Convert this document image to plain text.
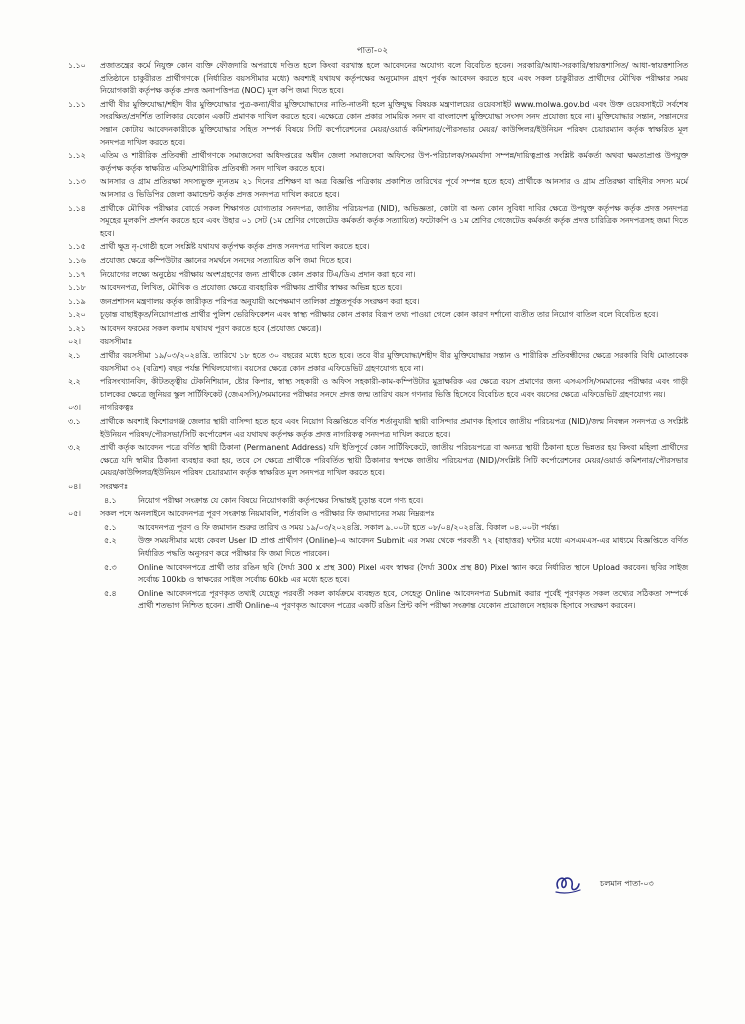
পাতা-০২
১.১০ প্রজাতন্ত্রের কর্মে নিযুক্ত কোন ব্যক্তি ফৌজদারি অপরাধে দণ্ডিত হলে কিংবা বরখাস্ত হলে আবেদনের অযোগ্য বলে বিবেচিত হবেন। সরকারি/আধা-সরকারি/স্বায়ত্তশাসিত/ আধা-স্বায়ত্তশাসিত প্রতিষ্ঠানে চাকুরীরত প্রার্থীগণকে (নির্ধারিত বয়সসীমার মধ্যে) অবশ্যই যথাযথ কর্তৃপক্ষের অনুমোদন গ্রহণ পূর্বক আবেদন করতে হবে এবং সকল চাকুরীরত প্রার্থীদের মৌখিক পরীক্ষার সময় নিয়োগকারী কর্তৃপক্ষ কর্তৃক প্রদত্ত অনাপত্তিপত্র (NOC) মূল কপি জমা দিতে হবে।
১.১১ প্রার্থী বীর মুক্তিযোদ্ধা/শহীদ বীর মুক্তিযোদ্ধার পুত্র-কন্যা/বীর মুক্তিযোদ্ধাদের নাতি-নাতনী হলে মুক্তিযুদ্ধ বিষয়ক মন্ত্রণালয়ের ওয়েবসাইট www.molwa.gov.bd এবং উক্ত ওয়েবসাইটে সর্বশেষ সংরক্ষিত/প্রদর্শিত তালিকার যেকোন একটি প্রমাণক দাখিল করতে হবে। এক্ষেত্রে কোন প্রকার সাময়িক সনদ বা বাংলাদেশ মুক্তিযোদ্ধা সংসদ সনদ প্রযোজ্য হবে না। মুক্তিযোদ্ধার সন্তান, সন্তানদের সন্তান কোটায় আবেদনকারীকে মুক্তিযোদ্ধার সহিত সম্পর্ক বিষয়ে সিটি কর্পোরেশনের মেয়র/ওয়ার্ড কমিশনার/পৌরসভার মেয়র/ কাউন্সিলর/ইউনিয়ন পরিষদ চেয়ারম্যান কর্তৃক স্বাক্ষরিত মূল সনদপত্র দাখিল করতে হবে।
১.১২ এতিম ও শারীরিক প্রতিবন্ধী প্রার্থীগণকে সমাজসেবা অধিদপ্তরের অধীন জেলা সমাজসেবা অফিসের উপ-পরিচালক/সমমর্যাদা সম্পন্ন/দায়িত্বপ্রাপ্ত সংশ্লিষ্ট কর্মকর্তা অথবা ক্ষমতাপ্রাপ্ত উপযুক্ত কর্তৃপক্ষ কর্তৃক স্বাক্ষরিত এতিম/শারীরিক প্রতিবন্ধী সনদ দাখিল করতে হবে।
১.১৩ আনসার ও গ্রাম প্রতিরক্ষা সদস্যভুক্ত ন্যূনতম ২১ দিনের প্রশিক্ষণ যা অত্র বিজ্ঞপ্তি পত্রিকায় প্রকাশিত তারিখের পূর্বে সম্পন্ন হতে হবে) প্রার্থীকে আনসার ও গ্রাম প্রতিরক্ষা বাহিনীর সদস্য মর্মে আনসার ও ভিডিপির জেলা কমান্ডেন্ট কর্তৃক প্রদত্ত সনদপত্র দাখিল করতে হবে।
১.১৪ প্রার্থীকে মৌখিক পরীক্ষার বোর্ডে সকল শিক্ষাগত যোগ্যতার সনদপত্র, জাতীয় পরিচয়পত্র (NID), অভিজ্ঞতা, কোটা বা অন্য কোন সুবিধা দাবির ক্ষেত্রে উপযুক্ত কর্তৃপক্ষ কর্তৃক প্রদত্ত সনদপত্র সমূহের মূলকপি প্রদর্শন করতে হবে এবং উহার ০১ সেট (১ম শ্রেণির গেজেটেড কর্মকর্তা কর্তৃক সত্যায়িত) ফটোকপি ও ১ম শ্রেণির গেজেটেড কর্মকর্তা কর্তৃক প্রদত্ত চারিত্রিক সনদপত্রসহ জমা দিতে হবে।
১.১৫ প্রার্থী ক্ষুদ্র নৃ-গোষ্ঠী হলে সংশ্লিষ্ট যথাযথ কর্তৃপক্ষ কর্তৃক প্রদত্ত সনদপত্র দাখিল করতে হবে।
১.১৬ প্রযোজ্য ক্ষেত্রে কম্পিউটার জ্ঞানের সমর্থনে সনদের সত্যায়িত কপি জমা দিতে হবে।
১.১৭ নিয়োগের লক্ষ্যে অনুষ্ঠেয় পরীক্ষায় অংশগ্রহণের জন্য প্রার্থীকে কোন প্রকার টিএ/ডিএ প্রদান করা হবে না।
১.১৮ আবেদনপত্র, লিখিত, মৌখিক ও প্রযোজ্য ক্ষেত্রে ব্যবহারিক পরীক্ষায় প্রার্থীর স্বাক্ষর অভিন্ন হতে হবে।
১.১৯ জনপ্রশাসন মন্ত্রণালয় কর্তৃক জারীকৃত পরিপত্র অনুযায়ী অপেক্ষমাণ তালিকা প্রস্তুতপূর্বক সংরক্ষণ করা হবে।
১.২০ চূড়ান্ত বাছাইকৃত/নিয়োগপ্রাপ্ত প্রার্থীর পুলিশ ভেরিফিকেশন এবং স্বাস্থ্য পরীক্ষার কোন প্রকার বিরূপ তথ্য পাওয়া গেলে কোন কারণ দর্শানো ব্যতীত তার নিয়োগ বাতিল বলে বিবেচিত হবে।
১.২১ আবেদন ফরমের সকল কলাম যথাযথ পূরণ করতে হবে (প্রযোজ্য ক্ষেত্রে)।
০২। বয়সসীমাঃ
২.১ প্রার্থীর বয়সসীমা ১৯/০৩/২০২৪খ্রি. তারিখে ১৮ হতে ৩০ বছরের মধ্যে হতে হবে। তবে বীর মুক্তিযোদ্ধা/শহীদ বীর মুক্তিযোদ্ধার সন্তান ও শারীরিক প্রতিবন্ধীদের ক্ষেত্রে সরকারি বিধি মোতাবেক বয়সসীমা ৩২ (বত্রিশ) বছর পর্যন্ত শিথিলযোগ্য। বয়সের ক্ষেত্রে কোন প্রকার এফিডেভিট গ্রহণযোগ্য হবে না।
২.২ পরিসংখ্যানবিদ, কীটতত্ত্বীয় টেকনিশিয়ান, ষ্টোর কিপার, স্বাস্থ্য সহকারী ও অফিস সহকারী-কাম-কম্পিউটার মুদ্রাক্ষরিক এর ক্ষেত্রে বয়স প্রমাণের জন্য এসএসসি/সমমানের পরীক্ষার এবং গাড়ী চালকের ক্ষেত্রে জুনিয়র স্কুল সার্টিফিকেট (জেএসসি)/সমমানের পরীক্ষার সনদে প্রদত্ত জন্ম তারিখ বয়স গণনার ভিত্তি হিসেবে বিবেচিত হবে এবং বয়সের ক্ষেত্রে এফিডেভিট গ্রহণযোগ্য নয়।
০৩। নাগরিকত্বঃ
৩.১ প্রার্থীকে অবশ্যই কিশোরগঞ্জ জেলার স্থায়ী বাসিন্দা হতে হবে এবং নিয়োগ বিজ্ঞপ্তিতে বর্ণিত শর্তানুযায়ী স্থায়ী বাসিন্দার প্রমাণক হিসাবে জাতীয় পরিচয়পত্র (NID)/জন্ম নিবন্ধন সনদপত্র ও সংশ্লিষ্ট ইউনিয়ন পরিষদ/পৌরসভা/সিটি কর্পোরেশন এর যথাযথ কর্তৃপক্ষ কর্তৃক প্রদত্ত নাগরিকত্ব সনদপত্র দাখিল করতে হবে।
৩.২ প্রার্থী কর্তৃক আবেদন পত্রে বর্ণিত স্থায়ী ঠিকানা (Permanent Address) যদি ইতিপূর্বে কোন সার্টিফিকেটে, জাতীয় পরিচয়পত্রে বা অন্যত্র স্থায়ী ঠিকানা হতে ভিন্নতর হয় কিংবা মহিলা প্রার্থীদের ক্ষেত্রে যদি স্বামীর ঠিকানা ব্যবহার করা হয়, তবে সে ক্ষেত্রে প্রার্থীকে পরিবর্তিত স্থায়ী ঠিকানার স্বপক্ষে জাতীয় পরিচয়পত্র (NID)/সংশ্লিষ্ট সিটি কর্পোরেশনের মেয়র/ওয়ার্ড কমিশনার/পৌরসভার মেয়র/কাউন্সিলর/ইউনিয়ন পরিষদ চেয়ারম্যান কর্তৃক স্বাক্ষরিত মূল সনদপত্র দাখিল করতে হবে।
০৪। সংরক্ষণঃ
৪.১	নিয়োগ পরীক্ষা সংক্রান্ত যে কোন বিষয়ে নিয়োগকারী কর্তৃপক্ষের সিদ্ধান্তই চূড়ান্ত বলে গণ্য হবে।
০৫। সকল পদে অনলাইনে আবেদনপত্র পূরণ সংক্রান্ত নিয়মাবলি, শর্তাবলি ও পরীক্ষার ফি জমাদানের সময় নিম্নরূপঃ
৫.১	আবেদনপত্র পূরণ ও ফি জমাদান শুরুর তারিখ ও সময় ১৯/০৩/২০২৪খ্রি. সকাল ৯.০০টা হতে ০৮/০৪/২০২৪খ্রি. বিকাল ০৪.০০টা পর্যন্ত।
৫.২	উক্ত সময়সীমার মধ্যে কেবল User ID প্রাপ্ত প্রার্থীগণ (Online)-এ আবেদন Submit এর সময় থেকে পরবর্তী ৭২ (বাহাত্তর) ঘন্টার মধ্যে এসএমএস-এর মাধ্যমে বিজ্ঞপ্তিতে বর্ণিত নির্ধারিত পদ্ধতি অনুসরণ করে পরীক্ষার ফি জমা দিতে পারবেন।
৫.৩	Online আবেদনপত্রে প্রার্থী তার রঙিন ছবি (দৈর্ঘ্য 300 x প্রস্থ 300) Pixel এবং স্বাক্ষর (দৈর্ঘ্য 300x প্রস্থ 80) Pixel স্ক্যান করে নির্ধারিত স্থানে Upload করবেন। ছবির সাইজ সর্বোচ্চ 100kb ও স্বাক্ষরের সাইজ সর্বোচ্চ 60kb এর মধ্যে হতে হবে।
৫.৪	Online আবেদনপত্রে পূরণকৃত তথ্যই যেহেতু পরবর্তী সকল কার্যক্রমে ব্যবহৃত হবে, সেহেতু Online আবেদনপত্র Submit করার পূর্বেই পূরণকৃত সকল তথ্যের সঠিকতা সম্পর্কে প্রার্থী শতভাগ নিশ্চিত হবেন। প্রার্থী Online-এ পূরণকৃত আবেদন পত্রের একটি রঙিন প্রিন্ট কপি পরীক্ষা সংক্রান্ত যেকোন প্রয়োজনে সহায়ক হিসাবে সংরক্ষণ করবেন।
চলমান পাতা-০৩
